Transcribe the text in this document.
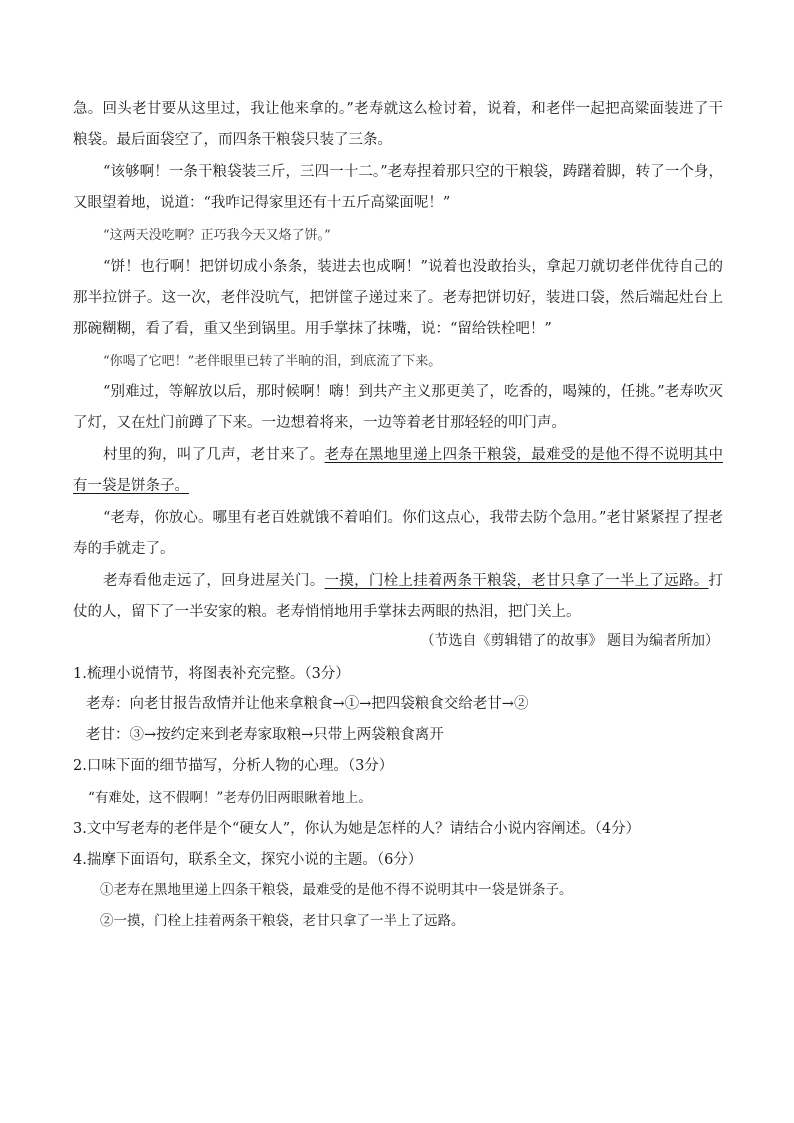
急。回头老甘要从这里过，我让他来拿的。”老寿就这么检讨着，说着，和老伴一起把高粱面装进了干粮袋。最后面袋空了，而四条干粮袋只装了三条。

“该够啊！一条干粮袋装三斤，三四一十二。”老寿捏着那只空的干粮袋，踌躇着脚，转了一个身，又眼望着地，说道：“我咋记得家里还有十五斤高粱面呢！”

“这两天没吃啊？正巧我今天又烙了饼。”

“饼！也行啊！把饼切成小条条，装进去也成啊！”说着也没敢抬头，拿起刀就切老伴优待自己的那半拉饼子。这一次，老伴没吭气，把饼筐子递过来了。老寿把饼切好，装进口袋，然后端起灶台上那碗糊糊，看了看，重又坐到锅里。用手掌抹了抹嘴，说：“留给铁栓吧！”

“你喝了它吧！”老伴眼里已转了半晌的泪，到底流了下来。

“别难过，等解放以后，那时候啊！嗨！到共产主义那更美了，吃香的，喝辣的，任挑。”老寿吹灭了灯，又在灶门前蹲了下来。一边想着将来，一边等着老甘那轻轻的叩门声。

村里的狗，叫了几声，老甘来了。老寿在黑地里递上四条干粮袋，最难受的是他不得不说明其中有一袋是饼条子。

“老寿，你放心。哪里有老百姓就饿不着咱们。你们这点心，我带去防个急用。”老甘紧紧捏了捏老寿的手就走了。

老寿看他走远了，回身进屋关门。一摸，门栓上挂着两条干粮袋，老甘只拿了一半上了远路。打仗的人，留下了一半安家的粮。老寿悄悄地用手掌抹去两眼的热泪，把门关上。

（节选自《剪辑错了的故事》 题目为编者所加）
1.梳理小说情节，将图表补充完整。（3分）
老寿：向老甘报告敌情并让他来拿粮食→①→把四袋粮食交给老甘→②
老甘：③→按约定来到老寿家取粮→只带上两袋粮食离开
2.口味下面的细节描写，分析人物的心理。（3分）
“有难处，这不假啊！”老寿仍旧两眼瞅着地上。
3.文中写老寿的老伴是个“硬女人”，你认为她是怎样的人？请结合小说内容阐述。（4分）
4.揣摩下面语句，联系全文，探究小说的主题。（6分）
①老寿在黑地里递上四条干粮袋，最难受的是他不得不说明其中一袋是饼条子。
②一摸，门栓上挂着两条干粮袋，老甘只拿了一半上了远路。
